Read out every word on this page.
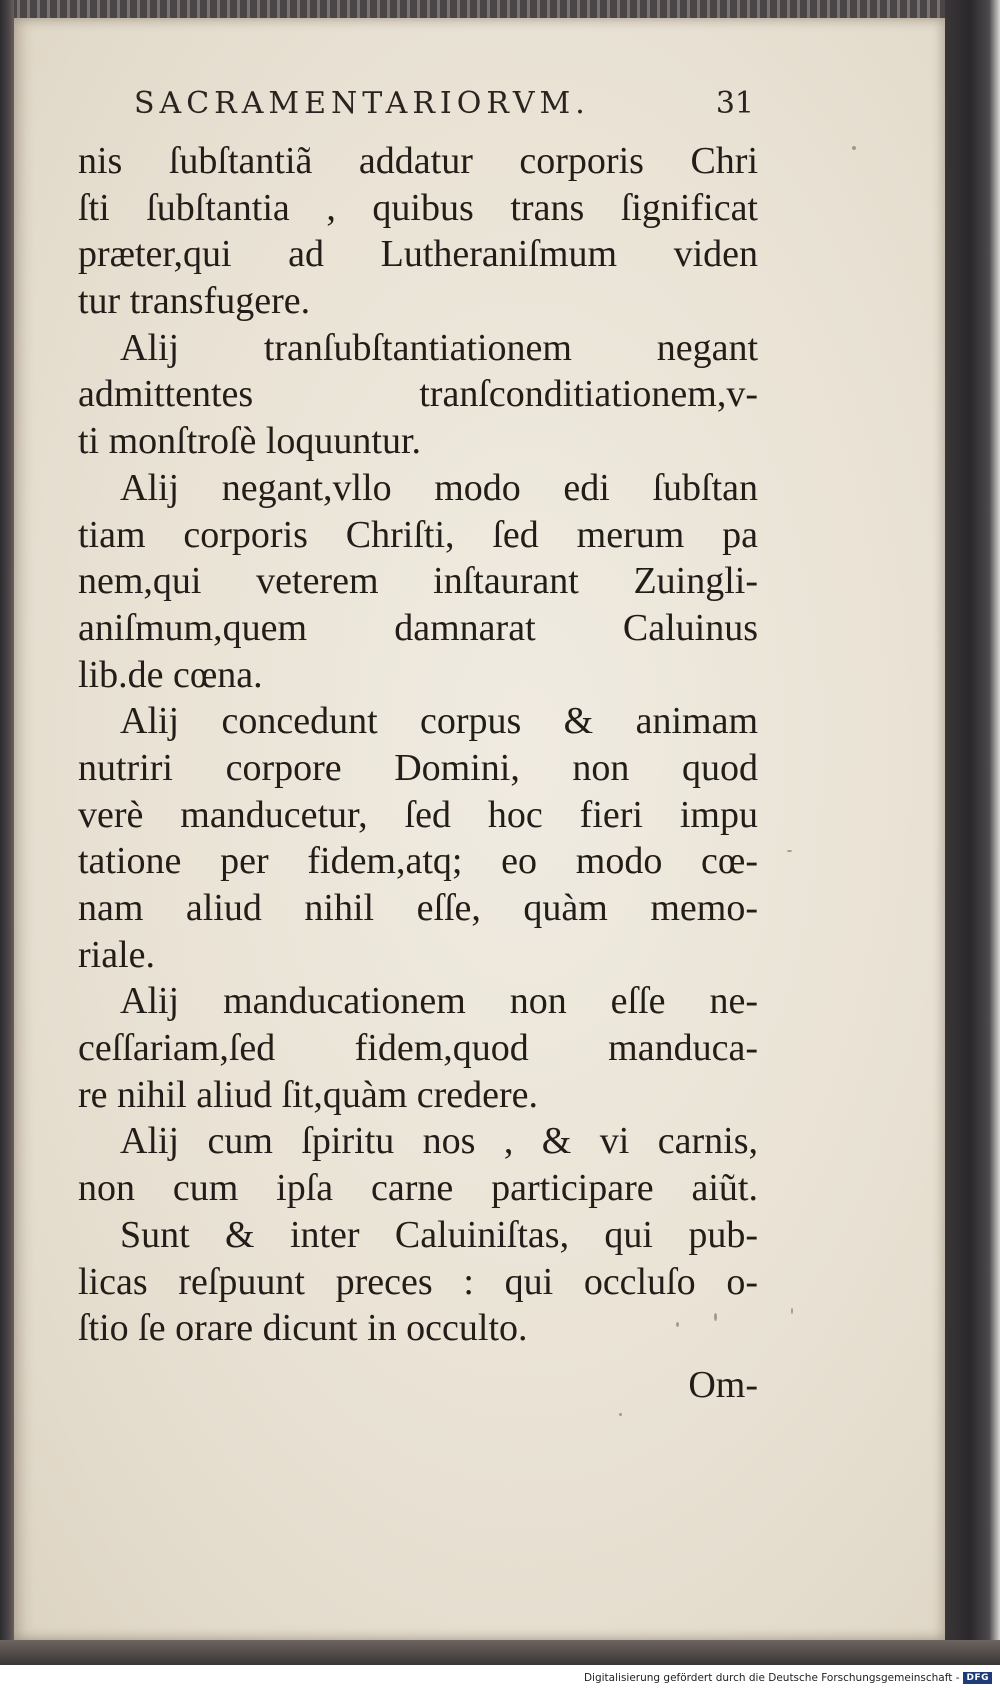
SACRAMENTARIORVM.	31
nis ſubſtantiã addatur corporis Chri
ſti ſubſtantia , quibus trans ſignificat
præter,qui ad Lutheraniſmum viden
tur transfugere.
Alij tranſubſtantiationem negant
admittentes tranſconditiationem,v-
ti monſtroſè loquuntur.
Alij negant,vllo modo edi ſubſtan
tiam corporis Chriſti, ſed merum pa
nem,qui veterem inſtaurant Zuingli-
aniſmum,quem damnarat Caluinus
lib.de cœna.
Alij concedunt corpus & animam
nutriri corpore Domini, non quod
verè manducetur, ſed hoc fieri impu
tatione per fidem,atq; eo modo cœ-
nam aliud nihil eſſe, quàm memo-
riale.
Alij manducationem non eſſe ne-
ceſſariam,ſed fidem,quod manduca-
re nihil aliud ſit,quàm credere.
Alij cum ſpiritu nos , & vi carnis,
non cum ipſa carne participare aiũt.
Sunt & inter Caluiniſtas, qui pub-
licas reſpuunt preces : qui occluſo o-
ſtio ſe orare dicunt in occulto.
Om-
Digitalisierung gefördert durch die Deutsche Forschungsgemeinschaft - DFG
